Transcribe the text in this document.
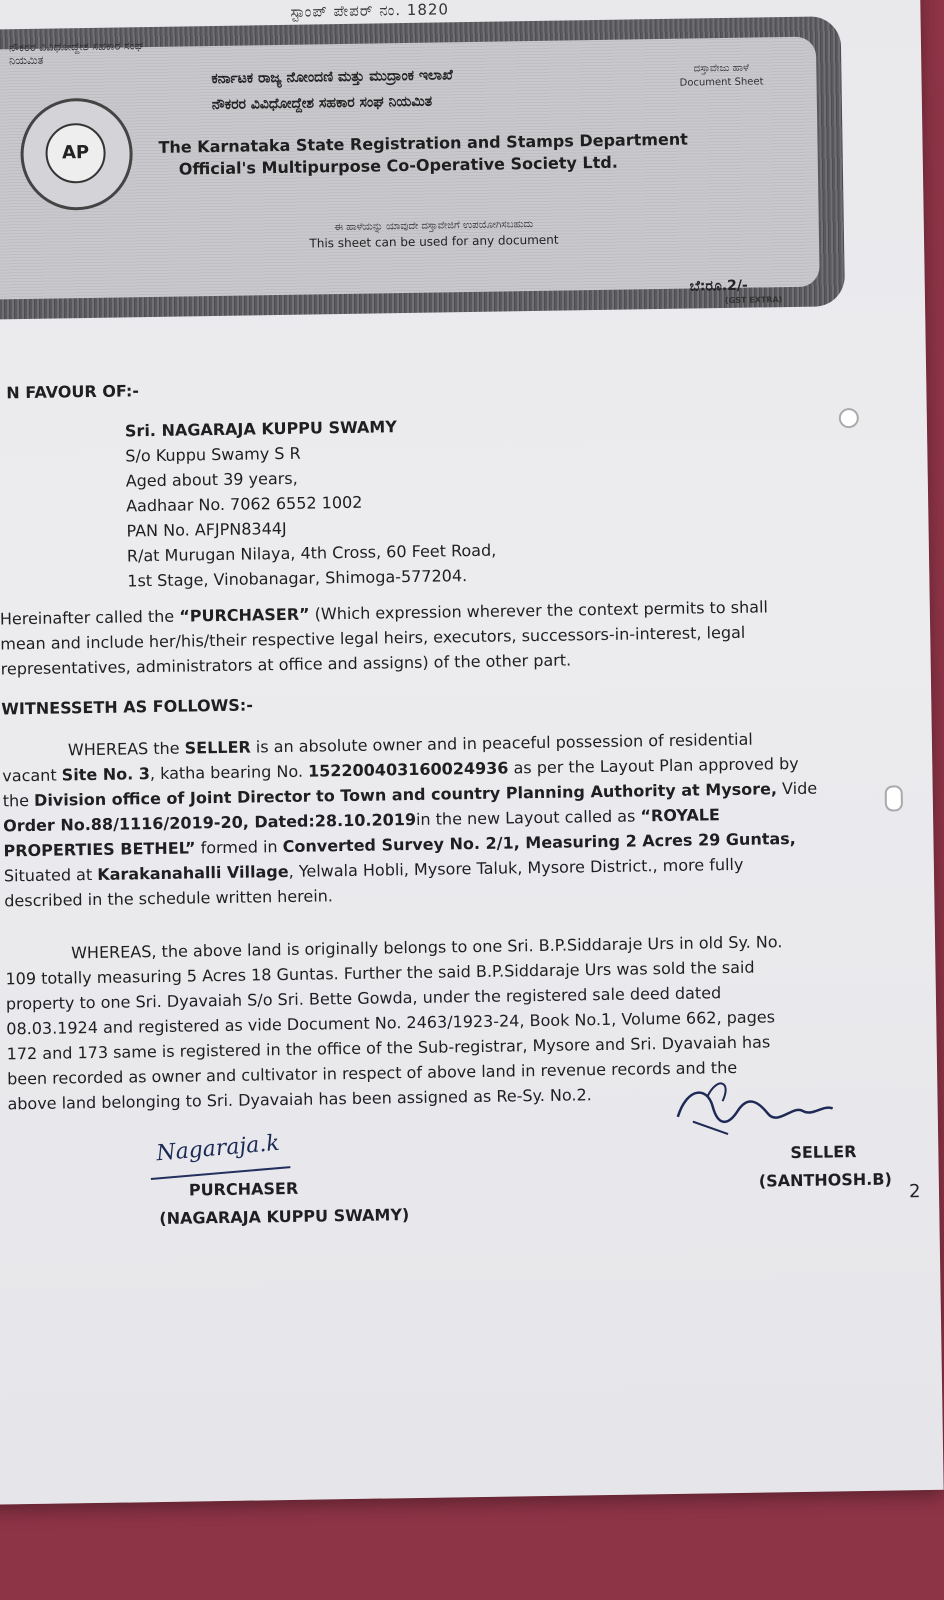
ಸ್ಟಾಂಪ್ ಪೇಪರ್ ನಂ. 1820
ನೌಕರರ ವಿವಿಧೋದ್ದೇಶ ಸಹಕಾರ ಸಂಘ ನಿಯಮಿತ
AP
ಕರ್ನಾಟಕ ರಾಜ್ಯ ನೋಂದಣಿ ಮತ್ತು ಮುದ್ರಾಂಕ ಇಲಾಖೆ
ನೌಕರರ ವಿವಿಧೋದ್ದೇಶ ಸಹಕಾರ ಸಂಘ ನಿಯಮಿತ
ದಸ್ತಾವೇಜು ಹಾಳೆ
Document Sheet
The Karnataka State Registration and Stamps Department
Official's Multipurpose Co-Operative Society Ltd.
ಈ ಹಾಳೆಯನ್ನು ಯಾವುದೇ ದಸ್ತಾವೇಜಿಗೆ ಉಪಯೋಗಿಸಬಹುದು
This sheet can be used for any document
ಬೆ:ರೂ.2/-
(GST EXTRA)
N FAVOUR OF:-
Sri. NAGARAJA KUPPU SWAMY
S/o Kuppu Swamy S R
Aged about 39 years,
Aadhaar No. 7062 6552 1002
PAN No. AFJPN8344J
R/at Murugan Nilaya, 4th Cross, 60 Feet Road,
1st Stage, Vinobanagar, Shimoga-577204.
Hereinafter called the “PURCHASER” (Which expression wherever the context permits to shall
mean and include her/his/their respective legal heirs, executors, successors-in-interest, legal
representatives, administrators at office and assigns) of the other part.
WITNESSETH AS FOLLOWS:-
WHEREAS the SELLER is an absolute owner and in peaceful possession of residential
vacant Site No. 3, katha bearing No. 152200403160024936 as per the Layout Plan approved by
the Division office of Joint Director to Town and country Planning Authority at Mysore, Vide
Order No.88/1116/2019-20, Dated:28.10.2019in the new Layout called as “ROYALE
PROPERTIES BETHEL” formed in Converted Survey No. 2/1, Measuring 2 Acres 29 Guntas,
Situated at Karakanahalli Village, Yelwala Hobli, Mysore Taluk, Mysore District., more fully
described in the schedule written herein.
WHEREAS, the above land is originally belongs to one Sri. B.P.Siddaraje Urs in old Sy. No.
109 totally measuring 5 Acres 18 Guntas. Further the said B.P.Siddaraje Urs was sold the said
property to one Sri. Dyavaiah S/o Sri. Bette Gowda, under the registered sale deed dated
08.03.1924 and registered as vide Document No. 2463/1923-24, Book No.1, Volume 662, pages
172 and 173 same is registered in the office of the Sub-registrar, Mysore and Sri. Dyavaiah has
been recorded as owner and cultivator in respect of above land in revenue records and the
above land belonging to Sri. Dyavaiah has been assigned as Re-Sy. No.2.
Nagaraja.k
PURCHASER
(NAGARAJA KUPPU SWAMY)
SELLER
(SANTHOSH.B)
2
